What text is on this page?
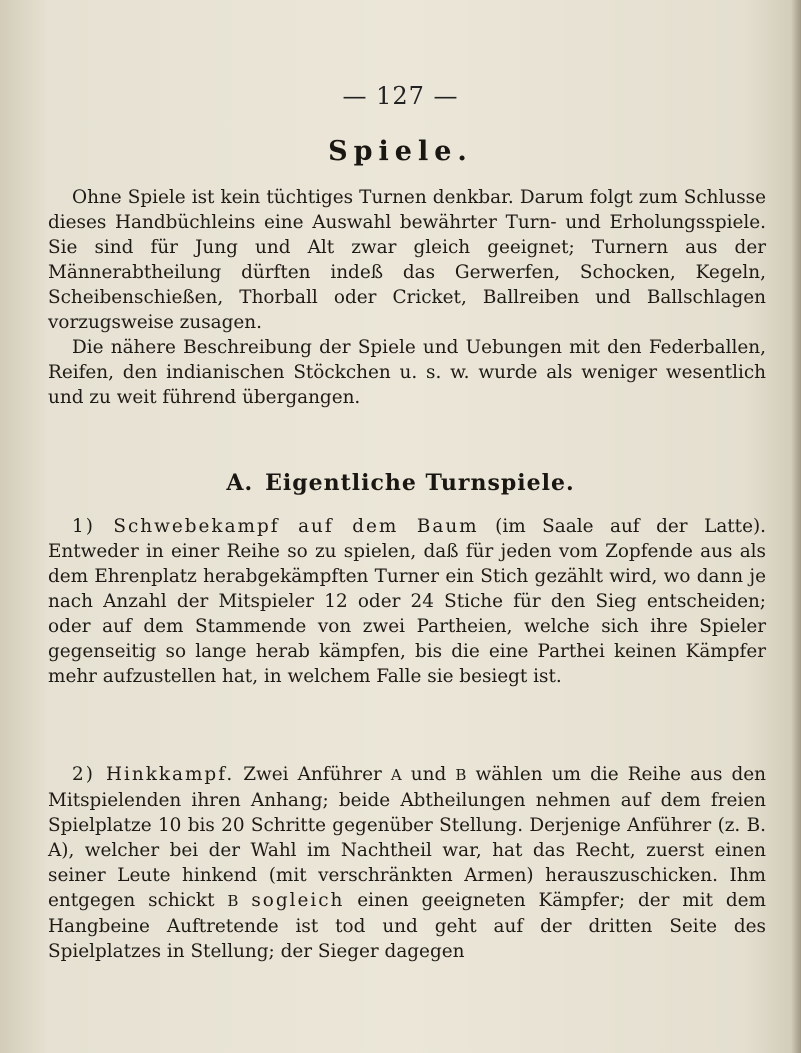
— 127 —
Spiele.
Ohne Spiele ist kein tüchtiges Turnen denkbar. Darum folgt zum Schlusse dieses Handbüchleins eine Auswahl bewährter Turn- und Erholungsspiele. Sie sind für Jung und Alt zwar gleich geeignet; Turnern aus der Männerabtheilung dürften indeß das Gerwerfen, Schocken, Kegeln, Scheibenschießen, Thorball oder Cricket, Ballreiben und Ballschlagen vorzugsweise zusagen.
Die nähere Beschreibung der Spiele und Uebungen mit den Federballen, Reifen, den indianischen Stöckchen u. s. w. wurde als weniger wesentlich und zu weit führend übergangen.
A. Eigentliche Turnspiele.
1) Schwebekampf auf dem Baum (im Saale auf der Latte). Entweder in einer Reihe so zu spielen, daß für jeden vom Zopfende aus als dem Ehrenplatz herabgekämpften Turner ein Stich gezählt wird, wo dann je nach Anzahl der Mitspieler 12 oder 24 Stiche für den Sieg entscheiden; oder auf dem Stammende von zwei Partheien, welche sich ihre Spieler gegenseitig so lange herab kämpfen, bis die eine Parthei keinen Kämpfer mehr aufzustellen hat, in welchem Falle sie besiegt ist.
2) Hinkkampf. Zwei Anführer A und B wählen um die Reihe aus den Mitspielenden ihren Anhang; beide Abtheilungen nehmen auf dem freien Spielplatze 10 bis 20 Schritte gegenüber Stellung. Derjenige Anführer (z. B. A), welcher bei der Wahl im Nachtheil war, hat das Recht, zuerst einen seiner Leute hinkend (mit verschränkten Armen) herauszuschicken. Ihm entgegen schickt B sogleich einen geeigneten Kämpfer; der mit dem Hangbeine Auftretende ist tod und geht auf der dritten Seite des Spielplatzes in Stellung; der Sieger dagegen
